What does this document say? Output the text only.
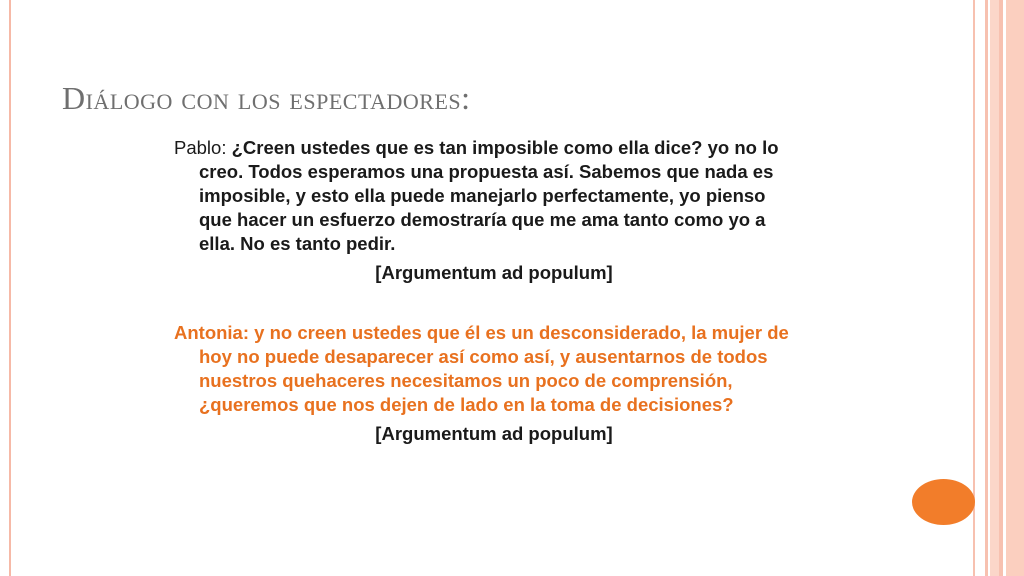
Diálogo con los espectadores:

Pablo: ¿Creen ustedes que es tan imposible como ella dice? yo no lo creo. Todos esperamos una propuesta así. Sabemos que nada es imposible, y esto ella puede manejarlo perfectamente, yo pienso que hacer un esfuerzo demostraría que me ama tanto como yo a ella. No es tanto pedir.

[Argumentum ad populum]

Antonia: y no creen ustedes que él es un desconsiderado, la mujer de hoy no puede desaparecer así como así, y ausentarnos de todos nuestros quehaceres necesitamos un poco de comprensión, ¿queremos que nos dejen de lado en la toma de decisiones?

[Argumentum ad populum]
